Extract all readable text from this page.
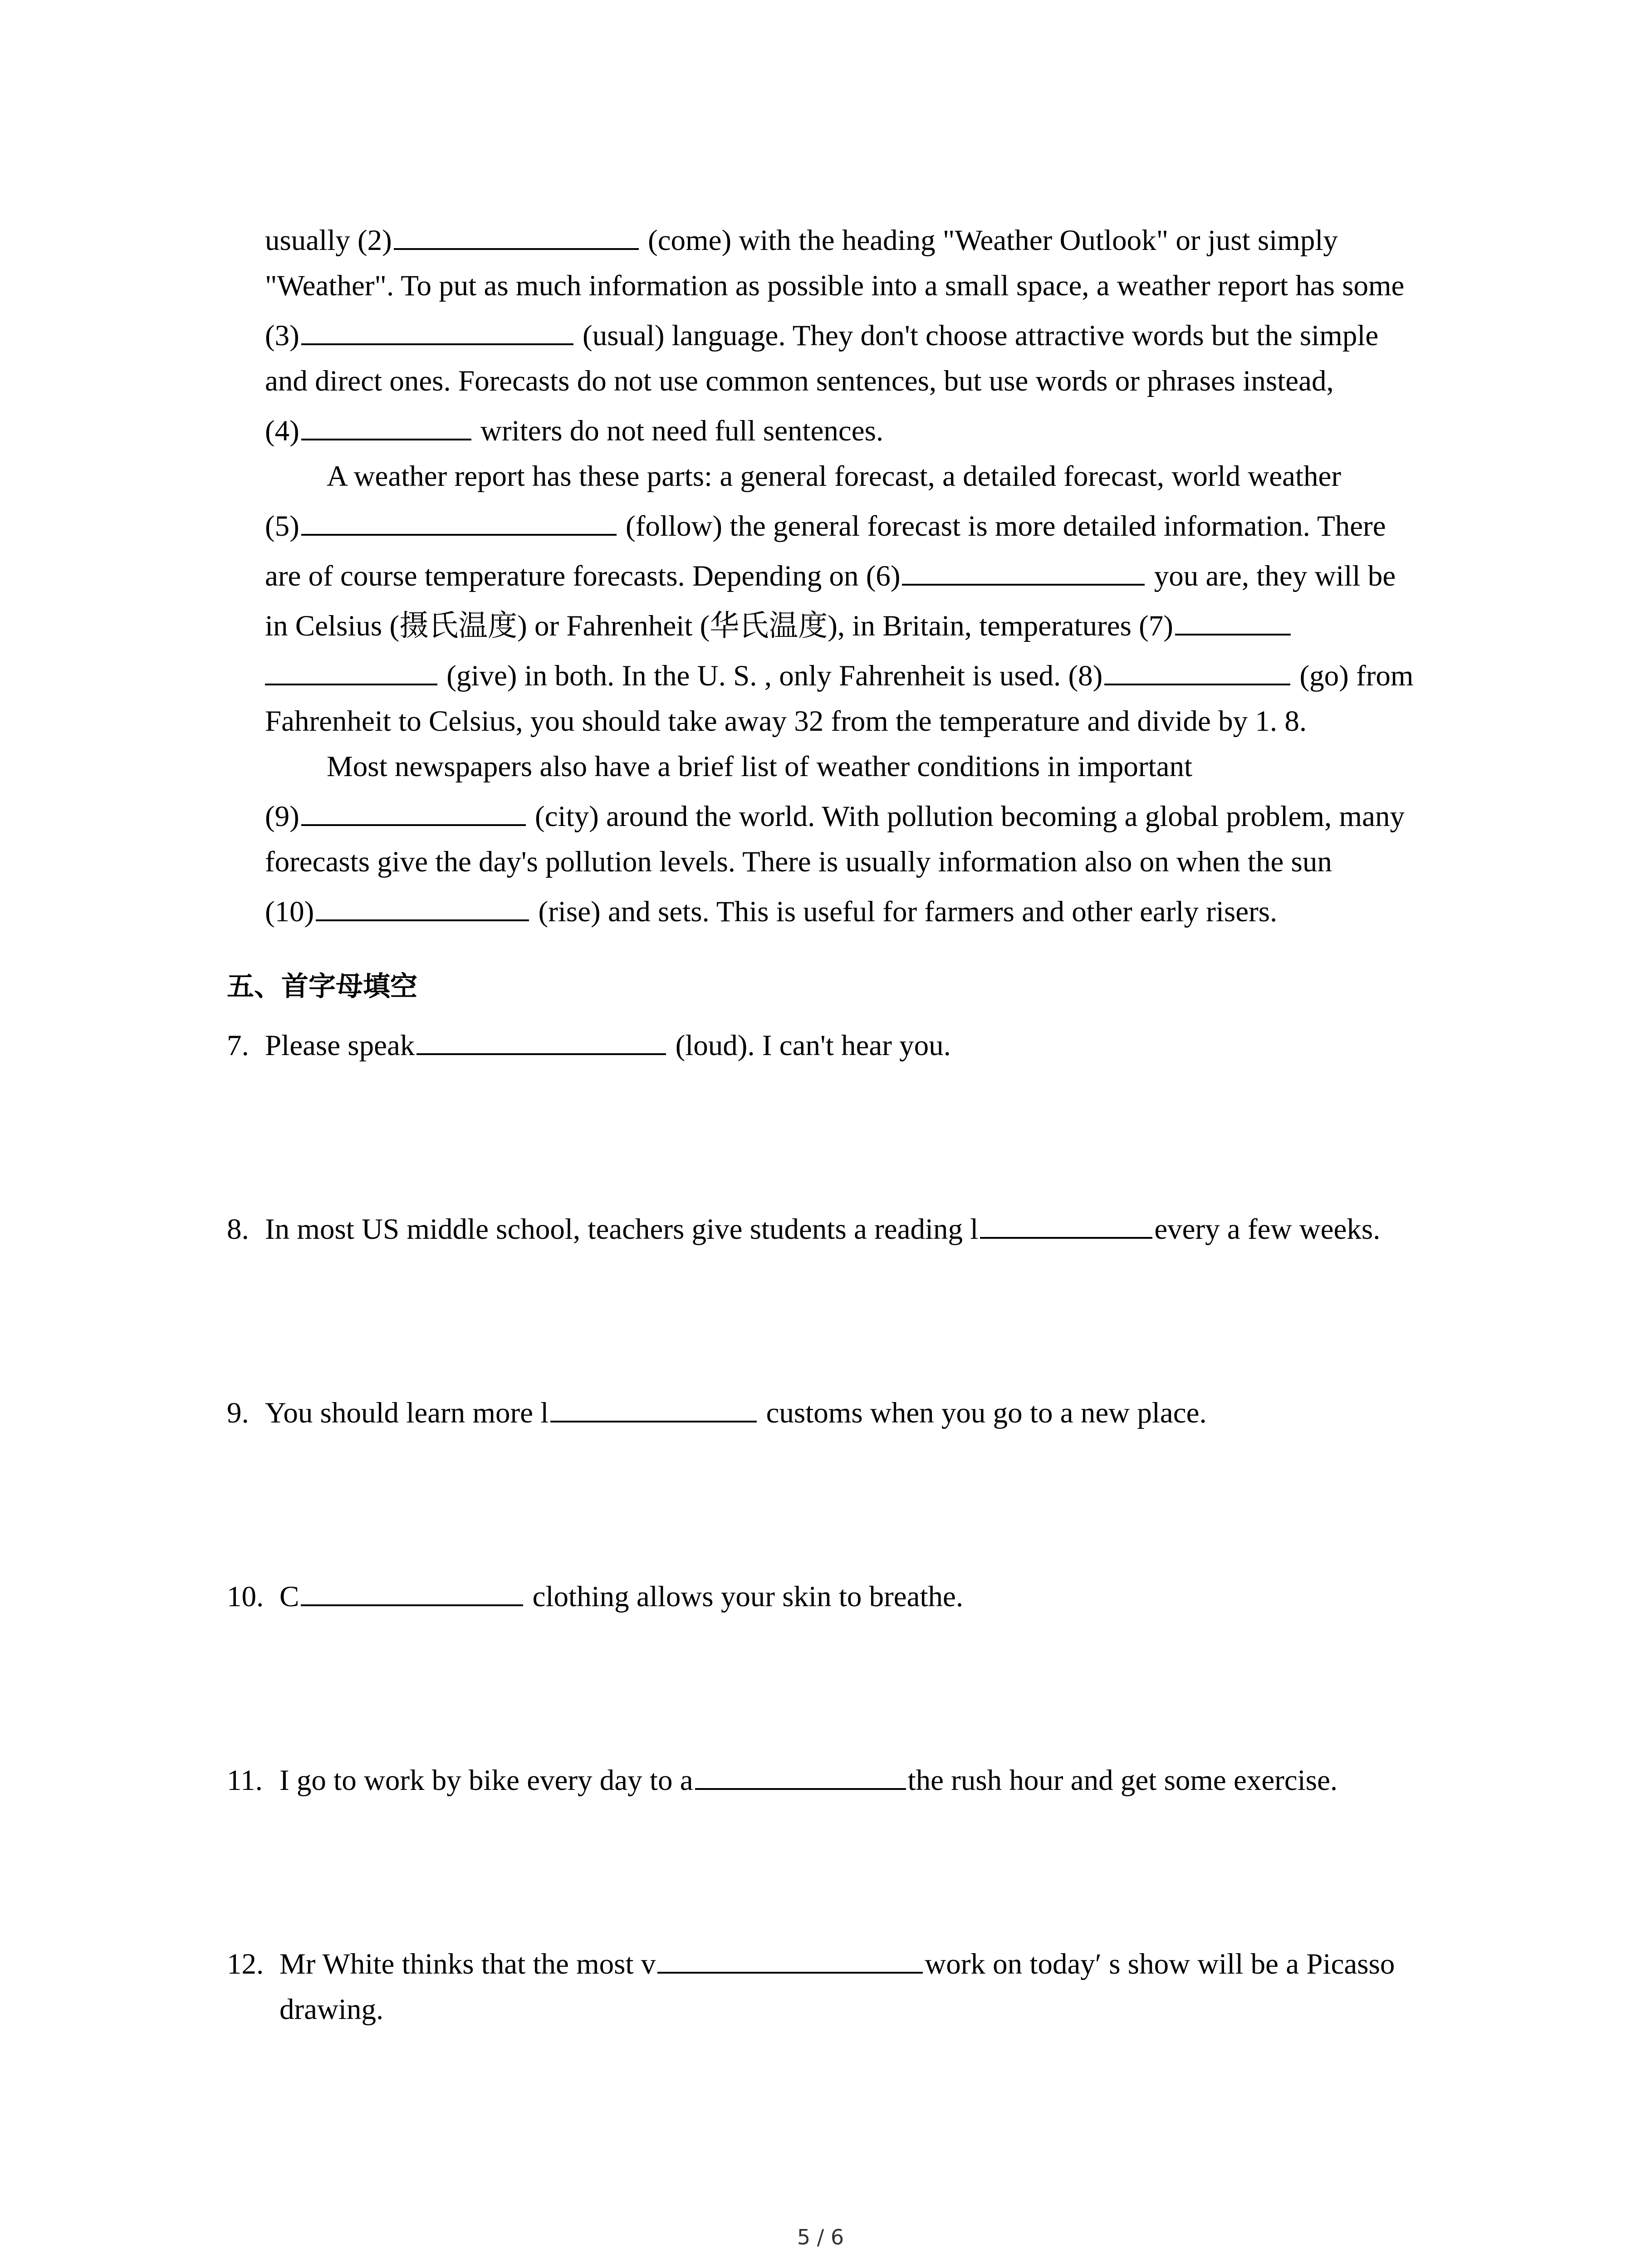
usually (2)	(come) with the heading "Weather Outlook" or just simply
"Weather". To put as much information as possible into a small space, a weather report has some
(3)	(usual) language. They don't choose attractive words but the simple
and direct ones. Forecasts do not use common sentences, but use words or phrases instead,
(4)	writers do not need full sentences.
A weather report has these parts: a general forecast, a detailed forecast, world weather
(5)	(follow) the general forecast is more detailed information. There
are of course temperature forecasts. Depending on (6)	you are, they will be
in Celsius (摄氏温度) or Fahrenheit (华氏温度), in Britain, temperatures (7)
(give) in both. In the U. S. , only Fahrenheit is used. (8)	(go) from
Fahrenheit to Celsius, you should take away 32 from the temperature and divide by 1. 8.
Most newspapers also have a brief list of weather conditions in important
(9)	(city) around the world. With pollution becoming a global problem, many
forecasts give the day's pollution levels. There is usually information also on when the sun
(10)	(rise) and sets. This is useful for farmers and other early risers.
五、首字母填空
7. Please speak	(loud). I can't hear you.
8. In most US middle school, teachers give students a reading l	every a few weeks.
9. You should learn more l	customs when you go to a new place.
10. C	clothing allows your skin to breathe.
11. I go to work by bike every day to a	the rush hour and get some exercise.
12. Mr White thinks that the most v	work on today′ s show will be a Picasso
drawing.
5 / 6
